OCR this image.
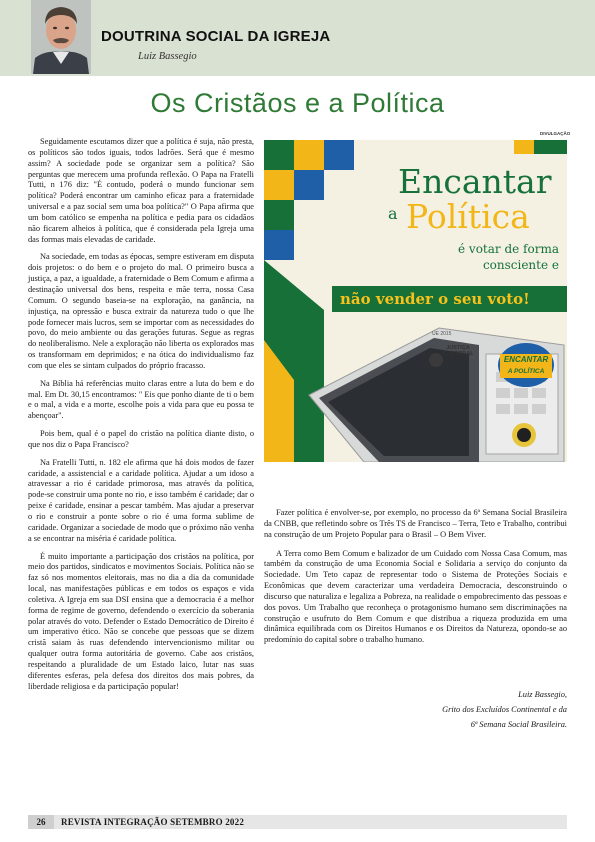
DOUTRINA SOCIAL DA IGREJA
Luiz Bassegio
Os Cristãos e a Política

Seguidamente escutamos dizer que a política é suja, não presta, os políticos são todos iguais, todos ladrões. Será que é mesmo assim? A sociedade pode se organizar sem a política? São perguntas que merecem uma profunda reflexão. O Papa na Fratelli Tutti, n 176 diz: "É contudo, poderá o mundo funcionar sem política? Poderá encontrar um caminho eficaz para a fraternidade universal e a paz social sem uma boa política?" O Papa afirma que um bom católico se empenha na política e pedia para os cidadãos não ficarem alheios à política, que é considerada pela Igreja uma das formas mais elevadas de caridade.

Na sociedade, em todas as épocas, sempre estiveram em disputa dois projetos: o do bem e o projeto do mal. O primeiro busca a justiça, a paz, a igualdade, a fraternidade o Bem Comum e afirma a destinação universal dos bens, respeita e mãe terra, nossa Casa Comum. O segundo baseia-se na exploração, na ganância, na injustiça, na opressão e busca extrair da natureza tudo o que lhe pode fornecer mais lucros, sem se importar com as necessidades do povo, do meio ambiente ou das gerações futuras. Segue as regras do neoliberalismo. Nele a exploração não liberta os explorados mas os transformam em deprimidos; e na ótica do individualismo faz com que eles se sintam culpados do próprio fracasso.

Na Bíblia há referências muito claras entre a luta do bem e do mal. Em Dt. 30,15 encontramos: " Eis que ponho diante de ti o bem e o mal, a vida e a morte, escolhe pois a vida para que eu possa te abençoar".

Pois bem, qual é o papel do cristão na política diante disto, o que nos diz o Papa Francisco?

Na Fratelli Tutti, n. 182 ele afirma que há dois modos de fazer caridade, a assistencial e a caridade política. Ajudar a um idoso a atravessar a rio é caridade primorosa, mas através da política, pode-se construir uma ponte no rio, e isso também é caridade; dar o peixe é caridade, ensinar a pescar também. Mas ajudar a preservar o rio e construir a ponte sobre o rio é uma forma sublime de caridade. Organizar a sociedade de modo que o próximo não venha a se encontrar na miséria é caridade política.

É muito importante a participação dos cristãos na política, por meio dos partidos, sindicatos e movimentos Sociais. Política não se faz só nos momentos eleitorais, mas no dia a dia da comunidade local, nas manifestações públicas e em todos os espaços e vida coletiva. A Igreja em sua DSI ensina que a democracia é a melhor forma de regime de governo, defendendo o exercício da soberania polar através do voto. Defender o Estado Democrático de Direito é um imperativo ético. Não se concebe que pessoas que se dizem cristã saiam às ruas defendendo intervencionismo militar ou qualquer outra forma autoritária de governo. Cabe aos cristãos, respeitando a pluralidade de um Estado laico, lutar nas suas diferentes esferas, pela defesa dos direitos dos mais pobres, da liberdade religiosa e da participação popular!

DIVULGAÇÃO
Encantar
a Política
é votar de forma consciente e
não vender o seu voto!
UE 2015
JUSTIÇA ELEITORAL
ENCANTAR
A POLÍTICA

Fazer política é envolver-se, por exemplo, no processo da 6ª Semana Social Brasileira da CNBB, que refletindo sobre os Três TS de Francisco – Terra, Teto e Trabalho, contribui na construção de um Projeto Popular para o Brasil – O Bem Viver.

A Terra como Bem Comum e balizador de um Cuidado com Nossa Casa Comum, mas também da construção de uma Economia Social e Solidaria a serviço do conjunto da Sociedade. Um Teto capaz de representar todo o Sistema de Proteções Sociais e Econômicas que devem caracterizar uma verdadeira Democracia, desconstruindo o discurso que naturaliza e legaliza a Pobreza, na realidade o empobrecimento das pessoas e dos povos. Um Trabalho que reconheça o protagonismo humano sem discriminações na construção e usufruto do Bem Comum e que distribua a riqueza produzida em uma dinâmica equilibrada com os Direitos Humanos e os Direitos da Natureza, opondo-se ao predomínio do capital sobre o trabalho humano.

Luiz Bassegio,
Grito dos Excluídos Continental e da
6ª Semana Social Brasileira.
26	REVISTA INTEGRAÇÃO SETEMBRO 2022
